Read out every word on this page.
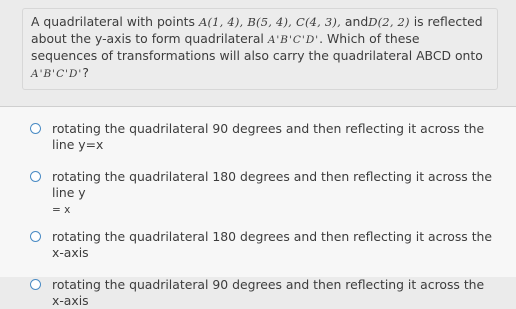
A quadrilateral with points A(1, 4), B(5, 4), C(4, 3), andD(2, 2) is reflected
about the y-axis to form quadrilateral A'B'C'D'. Which of these
sequences of transformations will also carry the quadrilateral ABCD onto
A'B'C'D'?
rotating the quadrilateral 90 degrees and then reflecting it across the line y=x
rotating the quadrilateral 180 degrees and then reflecting it across the line y
= x
rotating the quadrilateral 180 degrees and then reflecting it across the x-axis
rotating the quadrilateral 90 degrees and then reflecting it across the x-axis
